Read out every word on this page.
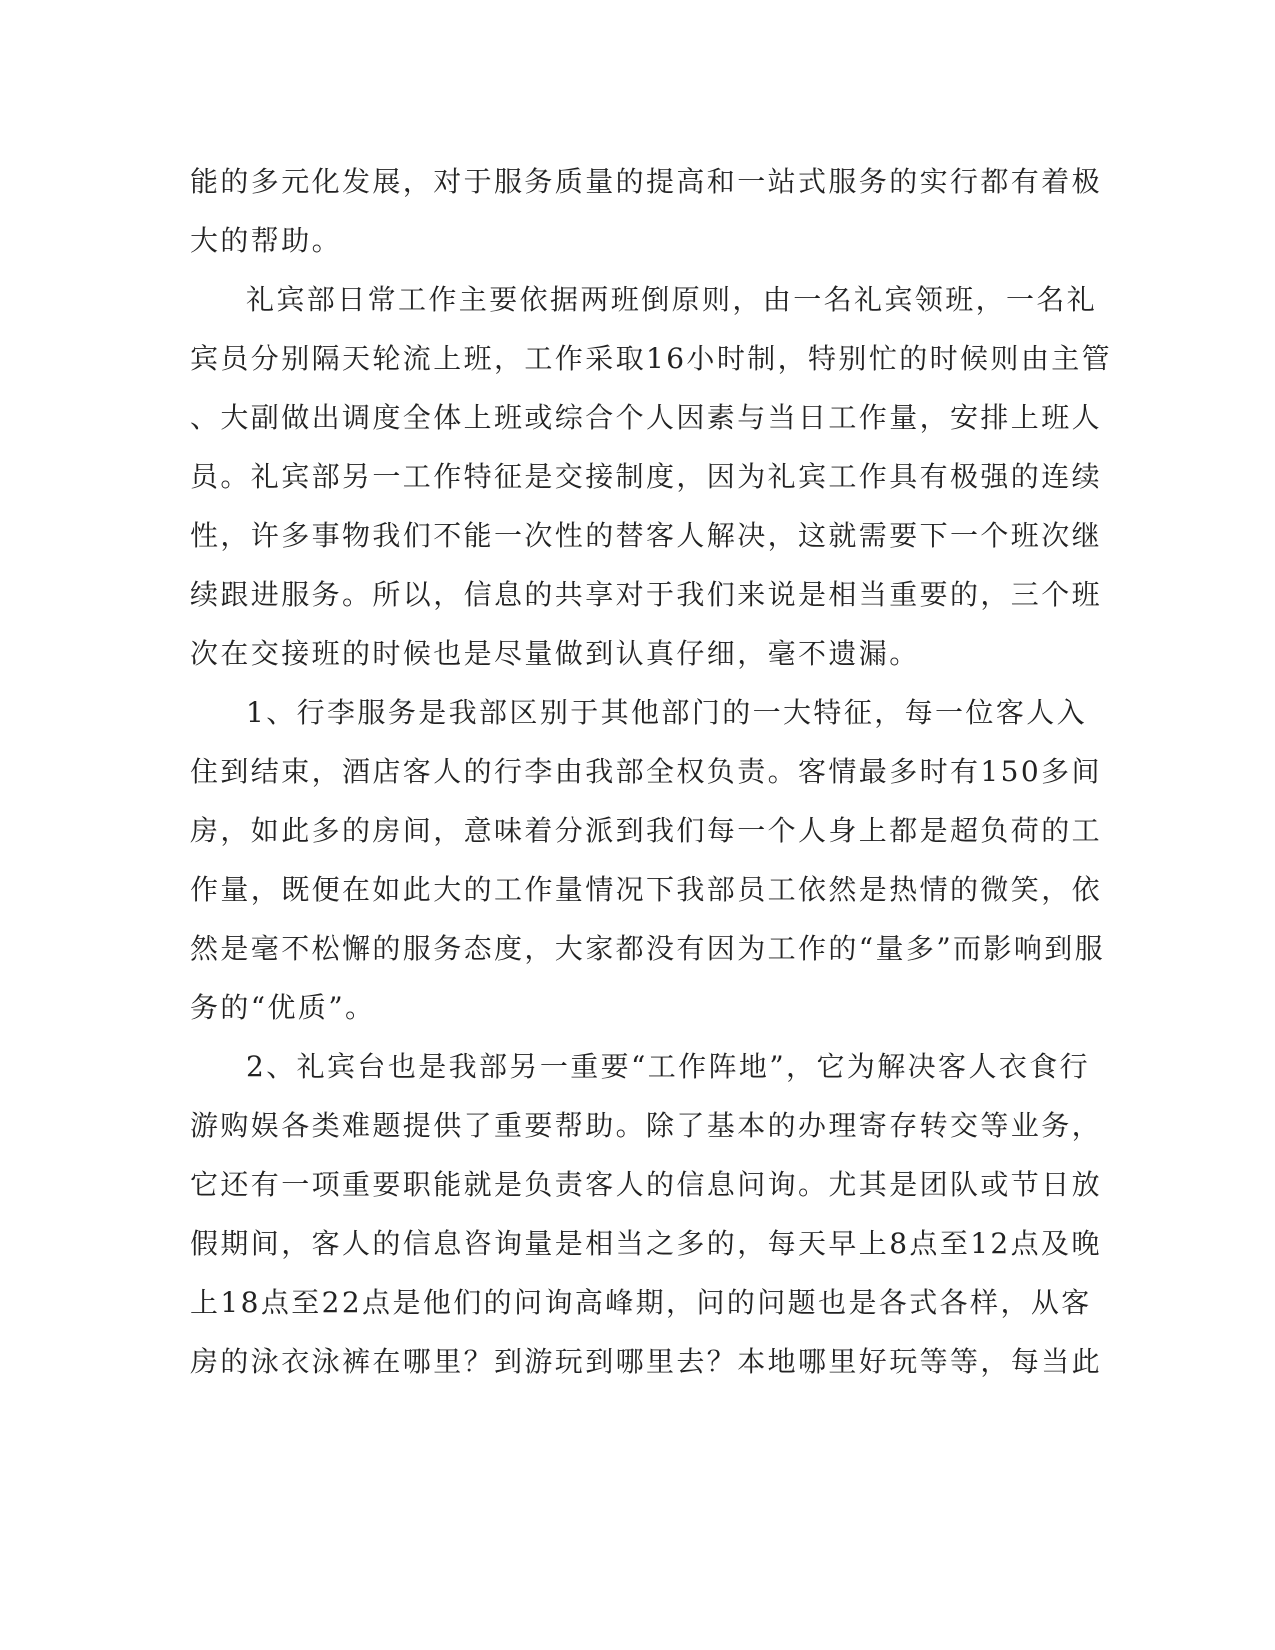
能的多元化发展，对于服务质量的提高和一站式服务的实行都有着极
大的帮助。
礼宾部日常工作主要依据两班倒原则，由一名礼宾领班，一名礼
宾员分别隔天轮流上班，工作采取16小时制，特别忙的时候则由主管
、大副做出调度全体上班或综合个人因素与当日工作量，安排上班人
员。礼宾部另一工作特征是交接制度，因为礼宾工作具有极强的连续
性，许多事物我们不能一次性的替客人解决，这就需要下一个班次继
续跟进服务。所以，信息的共享对于我们来说是相当重要的，三个班
次在交接班的时候也是尽量做到认真仔细，毫不遗漏。
1、行李服务是我部区别于其他部门的一大特征，每一位客人入
住到结束，酒店客人的行李由我部全权负责。客情最多时有150多间
房，如此多的房间，意味着分派到我们每一个人身上都是超负荷的工
作量，既便在如此大的工作量情况下我部员工依然是热情的微笑，依
然是毫不松懈的服务态度，大家都没有因为工作的“量多”而影响到服
务的“优质”。
2、礼宾台也是我部另一重要“工作阵地”，它为解决客人衣食行
游购娱各类难题提供了重要帮助。除了基本的办理寄存转交等业务，
它还有一项重要职能就是负责客人的信息问询。尤其是团队或节日放
假期间，客人的信息咨询量是相当之多的，每天早上8点至12点及晚
上18点至22点是他们的问询高峰期，问的问题也是各式各样，从客
房的泳衣泳裤在哪里？到游玩到哪里去？本地哪里好玩等等，每当此
